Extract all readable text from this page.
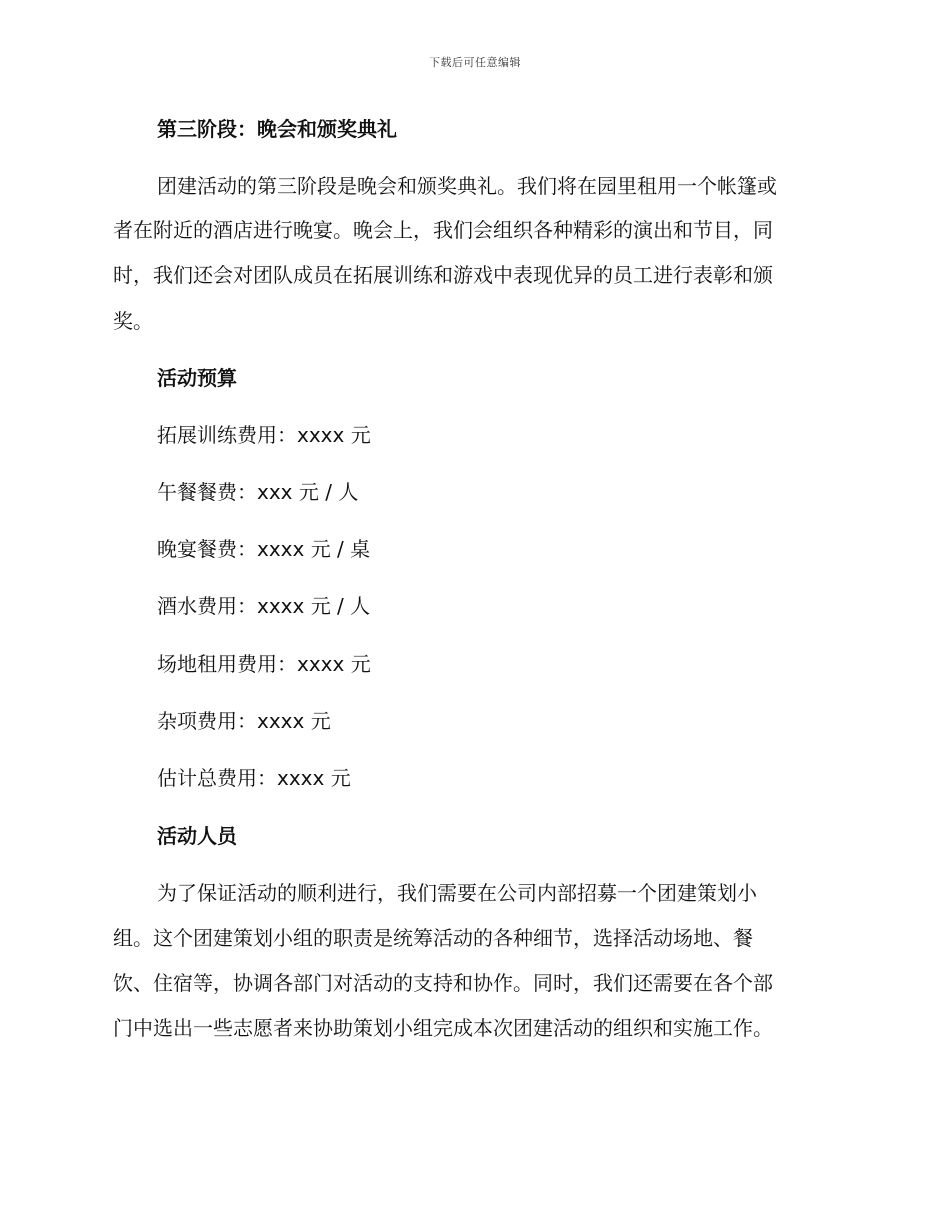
下载后可任意编辑
第三阶段：晚会和颁奖典礼
团建活动的第三阶段是晚会和颁奖典礼。我们将在园里租用一个帐篷或
者在附近的酒店进行晚宴。晚会上，我们会组织各种精彩的演出和节目，同
时，我们还会对团队成员在拓展训练和游戏中表现优异的员工进行表彰和颁
奖。
活动预算
拓展训练费用：xxxx 元
午餐餐费：xxx 元 / 人
晚宴餐费：xxxx 元 / 桌
酒水费用：xxxx 元 / 人
场地租用费用：xxxx 元
杂项费用：xxxx 元
估计总费用：xxxx 元
活动人员
为了保证活动的顺利进行，我们需要在公司内部招募一个团建策划小
组。这个团建策划小组的职责是统筹活动的各种细节，选择活动场地、餐
饮、住宿等，协调各部门对活动的支持和协作。同时，我们还需要在各个部
门中选出一些志愿者来协助策划小组完成本次团建活动的组织和实施工作。
